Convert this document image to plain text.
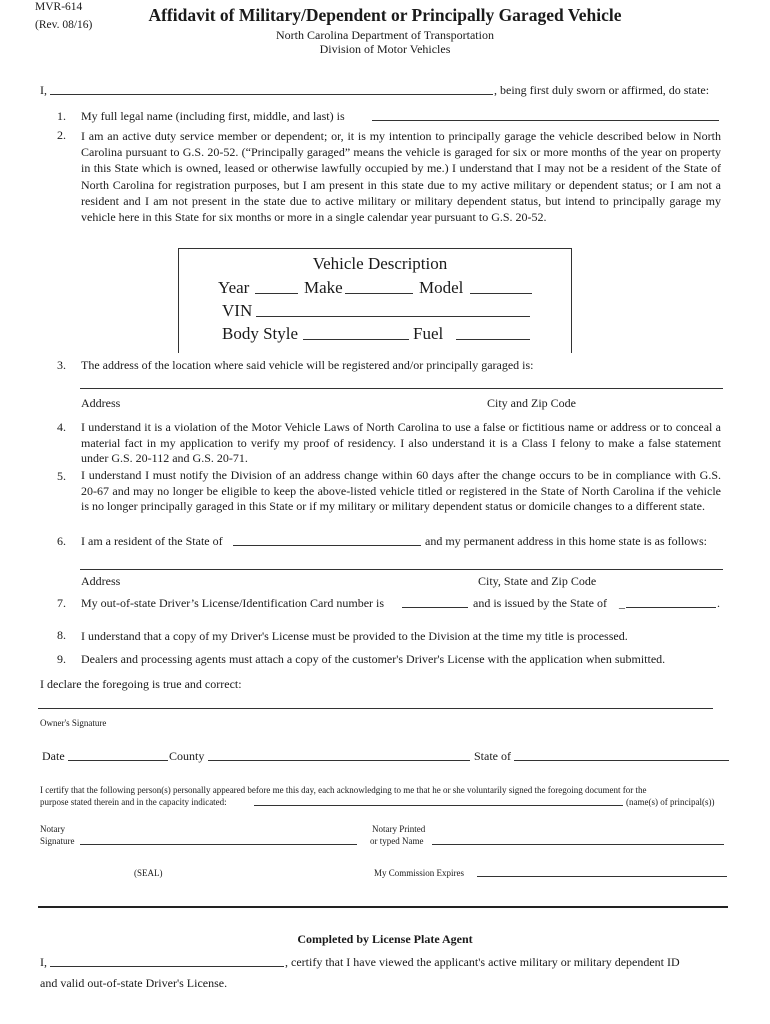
MVR-614
(Rev. 08/16)	Affidavit of Military/Dependent or Principally Garaged Vehicle
North Carolina Department of Transportation
Division of Motor Vehicles
I,	, being first duly sworn or affirmed, do state:
1. My full legal name (including first, middle, and last) is
2. I am an active duty service member or dependent; or, it is my intention to principally garage the vehicle described below in North Carolina pursuant to G.S. 20-52. (“Principally garaged” means the vehicle is garaged for six or more months of the year on property in this State which is owned, leased or otherwise lawfully occupied by me.) I understand that I may not be a resident of the State of North Carolina for registration purposes, but I am present in this state due to my active military or dependent status; or I am not a resident and I am not present in the state due to active military or military dependent status, but intend to principally garage my vehicle here in this State for six months or more in a single calendar year pursuant to G.S. 20-52.
Vehicle Description
Year	Make	Model
VIN
Body Style	Fuel
3. The address of the location where said vehicle will be registered and/or principally garaged is:
Address	City and Zip Code
4. I understand it is a violation of the Motor Vehicle Laws of North Carolina to use a false or fictitious name or address or to conceal a material fact in my application to verify my proof of residency. I also understand it is a Class I felony to make a false statement under G.S. 20-112 and G.S. 20-71.
5. I understand I must notify the Division of an address change within 60 days after the change occurs to be in compliance with G.S. 20-67 and may no longer be eligible to keep the above-listed vehicle titled or registered in the State of North Carolina if the vehicle is no longer principally garaged in this State or if my military or military dependent status or domicile changes to a different state.
6. I am a resident of the State of	and my permanent address in this home state is as follows:
Address	City, State and Zip Code
7. My out-of-state Driver’s License/Identification Card number is	and is issued by the State of _	.
8. I understand that a copy of my Driver's License must be provided to the Division at the time my title is processed.
9. Dealers and processing agents must attach a copy of the customer's Driver's License with the application when submitted.
I declare the foregoing is true and correct:
Owner's Signature
Date	County	State of
I certify that the following person(s) personally appeared before me this day, each acknowledging to me that he or she voluntarily signed the foregoing document for the
purpose stated therein and in the capacity indicated:	(name(s) of principal(s))
Notary
Signature
Notary Printed
or typed Name
(SEAL)	My Commission Expires
Completed by License Plate Agent
I,	, certify that I have viewed the applicant's active military or military dependent ID
and valid out-of-state Driver's License.
